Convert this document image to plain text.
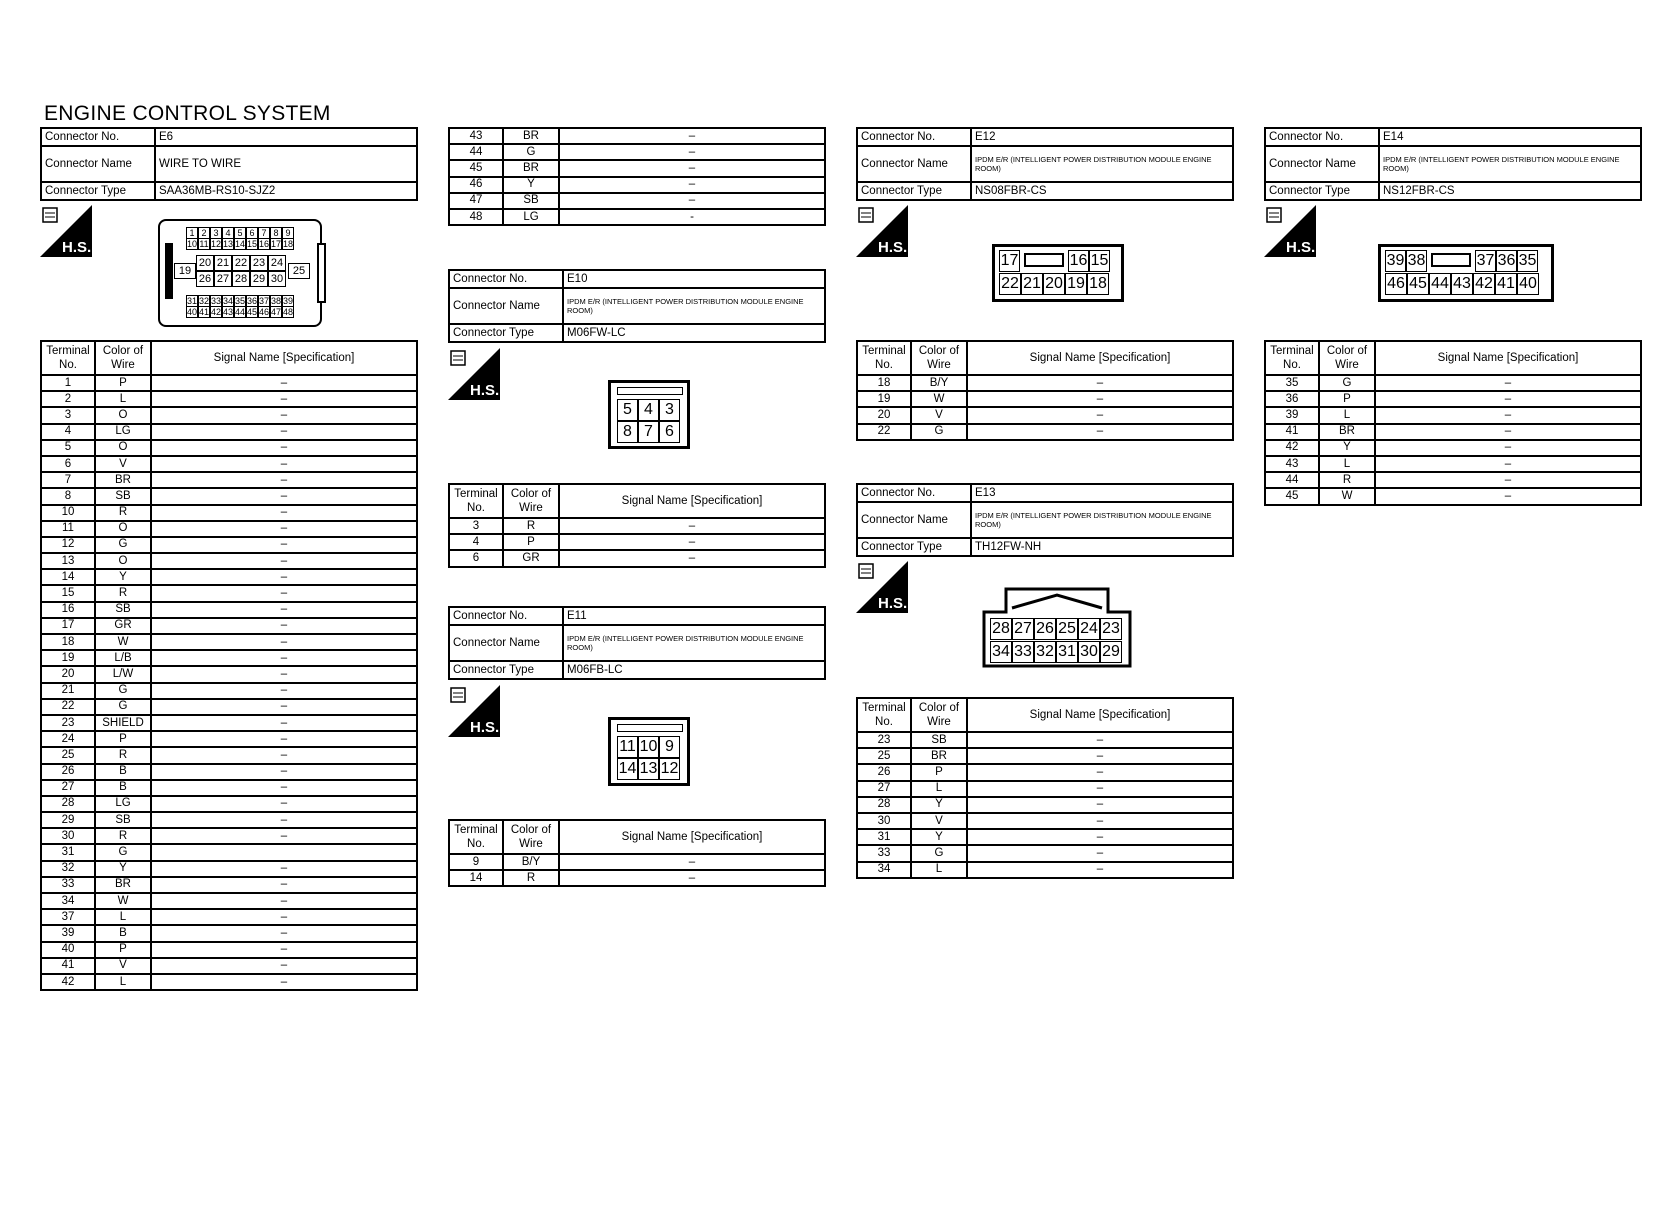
ENGINE CONTROL SYSTEM
Connector No.	E6
Connector Name	WIRE TO WIRE
Connector Type	SAA36MB-RS10-SJZ2
H.S.
1 2 3 4 5 6 7 8 9
10 11 12 13 14 15 16 17 18
19
20 21 22 23 24
26 27 28 29 30
25
31 32 33 34 35 36 37 38 39
40 41 42 43 44 45 46 47 48
Terminal No.	Color of Wire	Signal Name [Specification]
1	P	–
2	L	–
3	O	–
4	LG	–
5	O	–
6	V	–
7	BR	–
8	SB	–
10	R	–
11	O	–
12	G	–
13	O	–
14	Y	–
15	R	–
16	SB	–
17	GR	–
18	W	–
19	L/B	–
20	L/W	–
21	G	–
22	G	–
23	SHIELD	–
24	P	–
25	R	–
26	B	–
27	B	–
28	LG	–
29	SB	–
30	R	–
31	G	
32	Y	–
33	BR	–
34	W	–
37	L	–
39	B	–
40	P	–
41	V	–
42	L	–
43	BR	–
44	G	–
45	BR	–
46	Y	–
47	SB	–
48	LG	-
Connector No.	E10
Connector Name	IPDM E/R (INTELLIGENT POWER DISTRIBUTION MODULE ENGINE ROOM)
Connector Type	M06FW-LC
H.S.
5 4 3
8 7 6
Terminal No.	Color of Wire	Signal Name [Specification]
3	R	–
4	P	–
6	GR	–
Connector No.	E11
Connector Name	IPDM E/R (INTELLIGENT POWER DISTRIBUTION MODULE ENGINE ROOM)
Connector Type	M06FB-LC
H.S.
11 10 9
14 13 12
Terminal No.	Color of Wire	Signal Name [Specification]
9	B/Y	–
14	R	–
Connector No.	E12
Connector Name	IPDM E/R (INTELLIGENT POWER DISTRIBUTION MODULE ENGINE ROOM)
Connector Type	NS08FBR-CS
H.S.
17	16 15
22 21 20 19 18
Terminal No.	Color of Wire	Signal Name [Specification]
18	B/Y	–
19	W	–
20	V	–
22	G	–
Connector No.	E13
Connector Name	IPDM E/R (INTELLIGENT POWER DISTRIBUTION MODULE ENGINE ROOM)
Connector Type	TH12FW-NH
H.S.
28 27 26 25 24 23
34 33 32 31 30 29
Terminal No.	Color of Wire	Signal Name [Specification]
23	SB	–
25	BR	–
26	P	–
27	L	–
28	Y	–
30	V	–
31	Y	–
33	G	–
34	L	–
Connector No.	E14
Connector Name	IPDM E/R (INTELLIGENT POWER DISTRIBUTION MODULE ENGINE ROOM)
Connector Type	NS12FBR-CS
H.S.
39 38	37 36 35
46 45 44 43 42 41 40
Terminal No.	Color of Wire	Signal Name [Specification]
35	G	–
36	P	–
39	L	–
41	BR	–
42	Y	–
43	L	–
44	R	–
45	W	–
